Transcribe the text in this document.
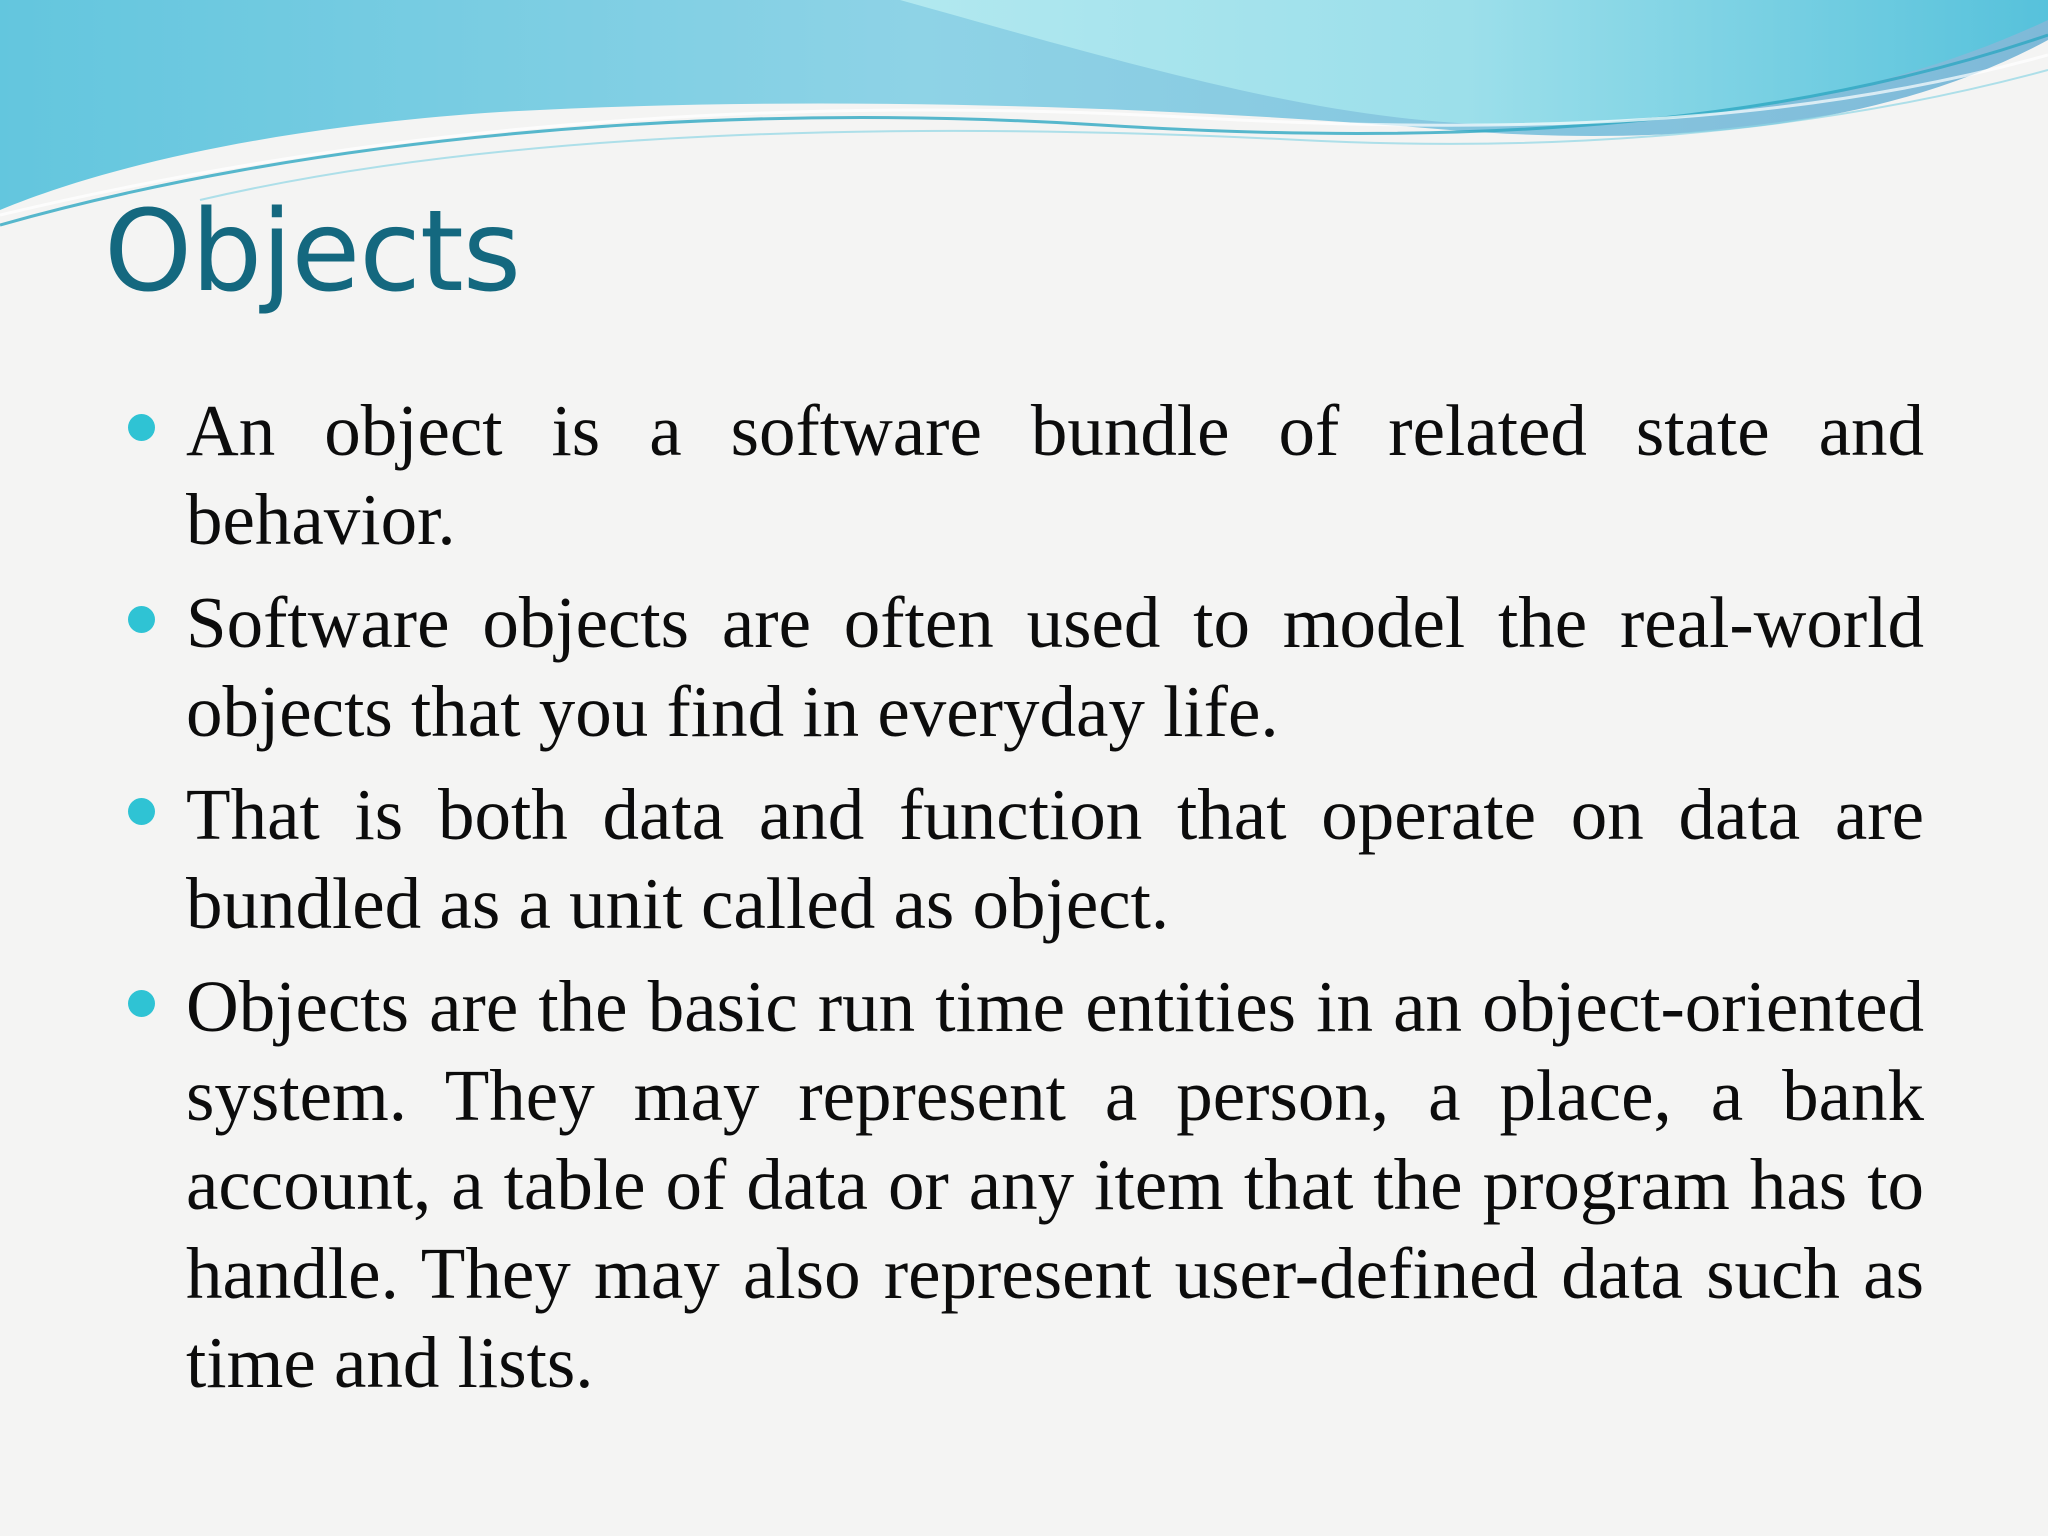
Objects
An object is a software bundle of related state and behavior.
Software objects are often used to model the real-world objects that you find in everyday life.
That is both data and function that operate on data are bundled as a unit called as object.
Objects are the basic run time entities in an object-oriented system. They may represent a person, a place, a bank account, a table of data or any item that the program has to handle. They may also represent user-defined data such as time and lists.
